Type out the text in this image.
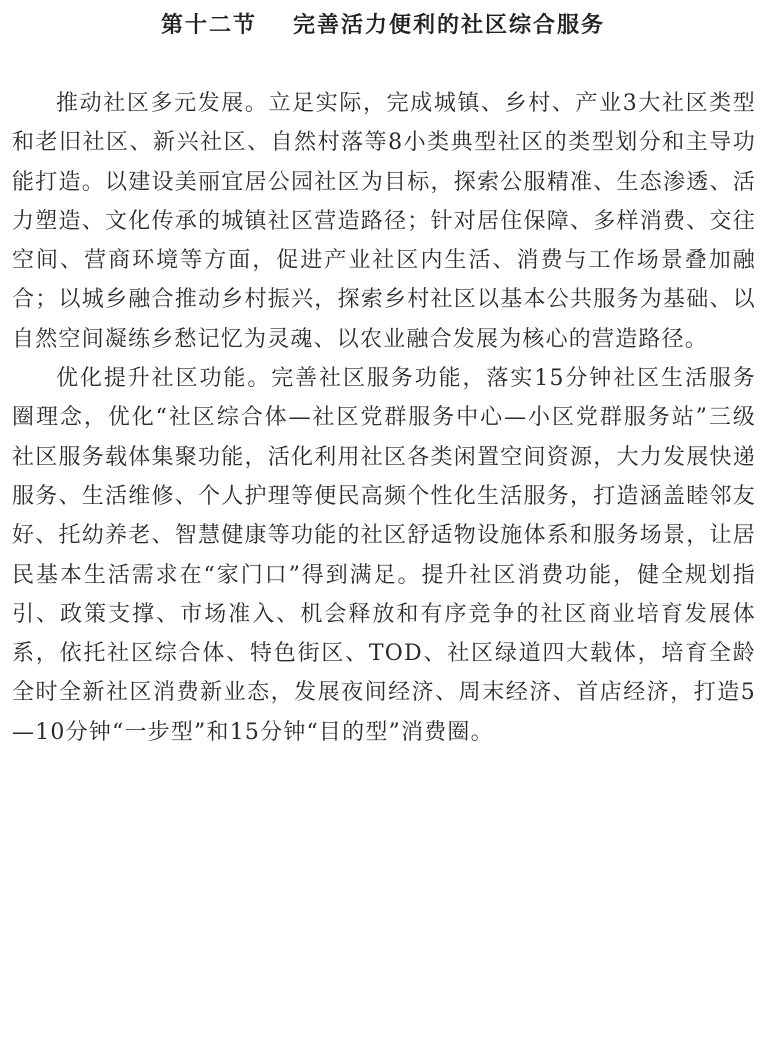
第十二节 完善活力便利的社区综合服务

推动社区多元发展。立足实际，完成城镇、乡村、产业3大社区类型和老旧社区、新兴社区、自然村落等8小类典型社区的类型划分和主导功能打造。以建设美丽宜居公园社区为目标，探索公服精准、生态渗透、活力塑造、文化传承的城镇社区营造路径；针对居住保障、多样消费、交往空间、营商环境等方面，促进产业社区内生活、消费与工作场景叠加融合；以城乡融合推动乡村振兴，探索乡村社区以基本公共服务为基础、以自然空间凝练乡愁记忆为灵魂、以农业融合发展为核心的营造路径。

优化提升社区功能。完善社区服务功能，落实15分钟社区生活服务圈理念，优化“社区综合体—社区党群服务中心—小区党群服务站”三级社区服务载体集聚功能，活化利用社区各类闲置空间资源，大力发展快递服务、生活维修、个人护理等便民高频个性化生活服务，打造涵盖睦邻友好、托幼养老、智慧健康等功能的社区舒适物设施体系和服务场景，让居民基本生活需求在“家门口”得到满足。提升社区消费功能，健全规划指引、政策支撑、市场准入、机会释放和有序竞争的社区商业培育发展体系，依托社区综合体、特色街区、TOD、社区绿道四大载体，培育全龄全时全新社区消费新业态，发展夜间经济、周末经济、首店经济，打造5—10分钟“一步型”和15分钟“目的型”消费圈。
